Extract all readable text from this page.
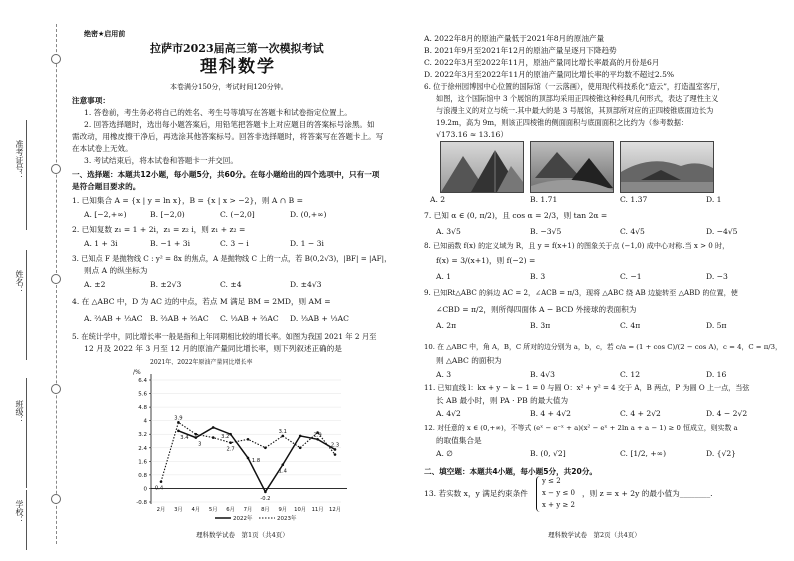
准考证号：
姓名：
班级：
学校：
绝密★启用前
拉萨市2023届高三第一次模拟考试
理科数学
本卷满分150分，考试时间120分钟。
注意事项：
1. 答卷前，考生务必将自己的姓名、考生号等填写在答题卡和试卷指定位置上。
2. 回答选择题时，选出每小题答案后，用铅笔把答题卡上对应题目的答案标号涂黑。如
需改动，用橡皮擦干净后，再选涂其他答案标号。回答非选择题时，将答案写在答题卡上。写
在本试卷上无效。
3. 考试结束后，将本试卷和答题卡一并交回。
一、选择题：本题共12小题，每小题5分，共60分。在每小题给出的四个选项中，只有一项
是符合题目要求的。
1. 已知集合 A = {x | y = ln x}，B = {x | x > −2}，则 A ∩ B =
A. [−2,+∞)	B. [−2,0)	C. (−2,0]	D. (0,+∞)
2. 已知复数 z₁ = 1 + 2i，z₁ = z₂ i，则 z₁ + z₂ =
A. 1 + 3i	B. −1 + 3i	C. 3 − i	D. 1 − 3i
3. 已知点 F 是抛物线 C : y² = 8x 的焦点，A 是抛物线 C 上的一点，若 B(0,2√3)，|BF| = |AF|，
则点 A 的纵坐标为
A. ±2	B. ±2√3	C. ±4	D. ±4√3
4. 在 △ABC 中，D 为 AC 边的中点，若点 M 满足 BM = 2MD，则 AM =
A. ⅔AB + ⅓AC B. ⅔AB + ⅔AC C. ⅓AB + ⅔AC D. ⅓AB + ⅓AC
5. 在统计学中，同比增长率一般是指和上年同期相比较的增长率。如图为我国 2021 年 2 月至
12 月及 2022 年 3 月至 12 月的原油产量同比增长率，则下列叙述正确的是
2021年、2022年原油产量同比增长率
/%
6.4
5.6
4.8
4
3.2
2.4
1.6
0.8
0
-0.8
2月 3月 4月 5月 6月 7月 8月 9月 10月 11月 12月
0.4
3.9
3.4	3.2
3
-0.2
1.4
3.1
2.9
2.3
1.8
2.7
2022年	2023年
理科数学试卷　第1页（共4页）
A. 2022年8月的原油产量低于2021年8月的原油产量
B. 2021年9月至2021年12月的原油产量呈逐月下降趋势
C. 2022年3月至2022年11月，原油产量同比增长率最高的月份是6月
D. 2022年3月至2022年11月的原油产量同比增长率的平均数不超过2.5%
6. 位于徐州园博园中心位置的国际馆（一云落画），使用现代科技系化“造云”，打造温室客厅，
如图，这个国际馆中 3 个展馆的顶部均采用正四棱锥这种经典几何形式，表达了理性主义
与浪漫主义的对立与统一.其中最大的是 3 号展馆，其顶部所对应的正四棱锥底面边长为
19.2m，高为 9m，则该正四棱锥的侧面面积与底面面积之比约为（参考数据：
√173.16 ≈ 13.16）
A. 2	B. 1.71	C. 1.37	D. 1
7. 已知 α ∈ (0, π/2)，且 cos α = 2/3，则 tan 2α =
A. 3√5	B. −3√5	C. 4√5	D. −4√5
8. 已知函数 f(x) 的定义域为 R，且 y = f(x+1) 的图象关于点 (−1,0) 成中心对称.当 x > 0 时，
f(x) = 3/(x+1)，则 f(−2) =
A. 1	B. 3	C. −1	D. −3
9. 已知Rt△ABC 的斜边 AC = 2，∠ACB = π/3，现将 △ABC 绕 AB 边旋转至 △ABD 的位置，使
∠CBD = π/2，则所得四面体 A − BCD 外接球的表面积为
A. 2π	B. 3π	C. 4π	D. 5π
10. 在 △ABC 中，角 A，B，C 所对的边分别为 a，b，c，若 c/a = (1 + cos C)/(2 − cos A)，c = 4，C = π/3，
则 △ABC 的面积为
A. 3	B. 4√3	C. 12	D. 16
11. 已知直线 l：kx + y − k − 1 = 0 与圆 O：x² + y² = 4 交于 A，B 两点，P 为圆 O 上一点，当弦
长 AB 最小时，则 PA · PB 的最大值为
A. 4√2	B. 4 + 4√2	C. 4 + 2√2	D. 4 − 2√2
12. 对任意的 x ∈ (0,+∞)，不等式 (eˣ − e⁻ˣ + a)(x² − eˣ + 2ln a + a − 1) ≥ 0 恒成立，则实数 a
的取值集合是
A. ∅	B. (0, √2]	C. [1/2, +∞)	D. {√2}
二、填空题：本题共4小题，每小题5分，共20分。
13. 若实数 x，y 满足约束条件
y ≤ 2
x − y ≤ 0
x + y ≥ 2
，则 z = x + 2y 的最小值为________.
理科数学试卷　第2页（共4页）
